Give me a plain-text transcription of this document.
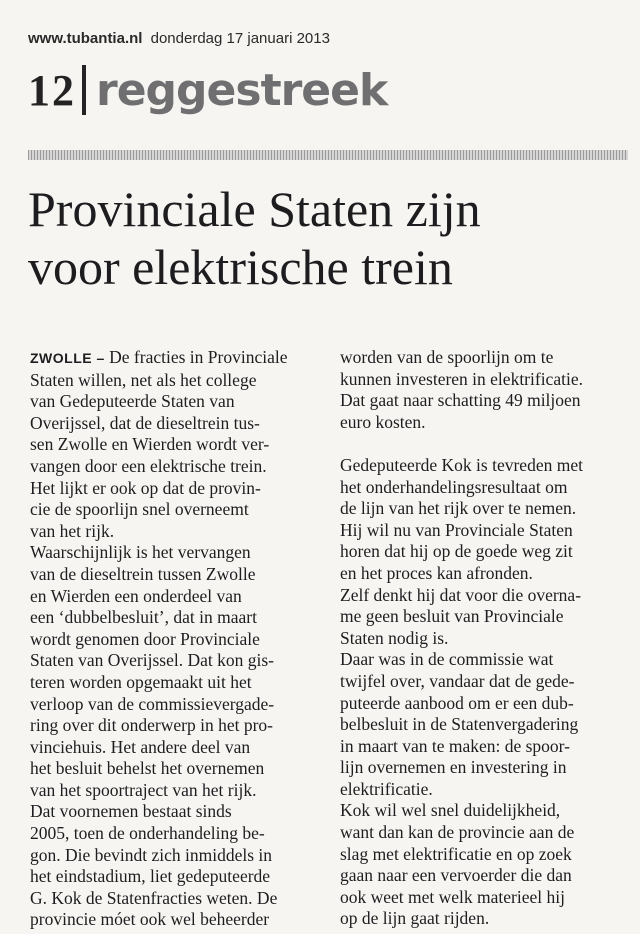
www.tubantia.nl donderdag 17 januari 2013
12 reggestreek
Provinciale Staten zijn
voor elektrische trein

ZWOLLE – De fracties in Provinciale

Staten willen, net als het college

van Gedeputeerde Staten van

Overijssel, dat de dieseltrein tus-

sen Zwolle en Wierden wordt ver-

vangen door een elektrische trein.

Het lijkt er ook op dat de provin-

cie de spoorlijn snel overneemt

van het rijk.

Waarschijnlijk is het vervangen

van de dieseltrein tussen Zwolle

en Wierden een onderdeel van

een ‘dubbelbesluit’, dat in maart

wordt genomen door Provinciale

Staten van Overijssel. Dat kon gis-

teren worden opgemaakt uit het

verloop van de commissievergade-

ring over dit onderwerp in het pro-

vinciehuis. Het andere deel van

het besluit behelst het overnemen

van het spoortraject van het rijk.

Dat voornemen bestaat sinds

2005, toen de onderhandeling be-

gon. Die bevindt zich inmiddels in

het eindstadium, liet gedeputeerde

G. Kok de Statenfracties weten. De

provincie móet ook wel beheerder

worden van de spoorlijn om te

kunnen investeren in elektrificatie.

Dat gaat naar schatting 49 miljoen

euro kosten.

Gedeputeerde Kok is tevreden met

het onderhandelingsresultaat om

de lijn van het rijk over te nemen.

Hij wil nu van Provinciale Staten

horen dat hij op de goede weg zit

en het proces kan afronden.

Zelf denkt hij dat voor die overna-

me geen besluit van Provinciale

Staten nodig is.

Daar was in de commissie wat

twijfel over, vandaar dat de gede-

puteerde aanbood om er een dub-

belbesluit in de Statenvergadering

in maart van te maken: de spoor-

lijn overnemen en investering in

elektrificatie.

Kok wil wel snel duidelijkheid,

want dan kan de provincie aan de

slag met elektrificatie en op zoek

gaan naar een vervoerder die dan

ook weet met welk materieel hij

op de lijn gaat rijden.
